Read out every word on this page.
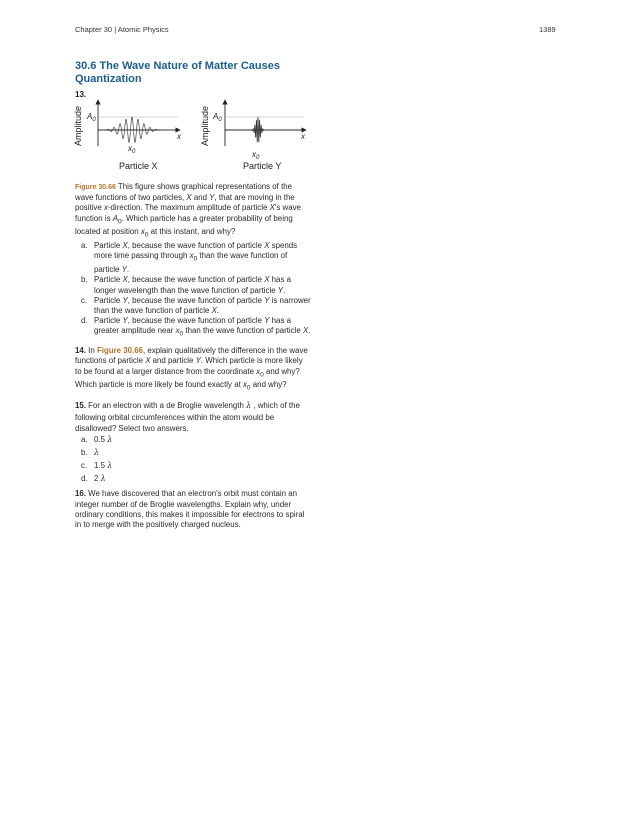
Chapter 30 | Atomic Physics	1389
30.6 The Wave Nature of Matter Causes Quantization
13.
Amplitude $A_0$
x
$x_0$
Particle X
Amplitude $A_0$
x
$x_0$
Particle Y

Figure 30.66 This figure shows graphical representations of the wave functions of two particles, X and Y, that are moving in the positive x-direction. The maximum amplitude of particle X's wave function is $A_0$. Which particle has a greater probability of being located at position $x_0$ at this instant, and why?

a. Particle X, because the wave function of particle X spends more time passing through $x_0$ than the wave function of particle Y.
b. Particle X, because the wave function of particle X has a longer wavelength than the wave function of particle Y.
c. Particle Y, because the wave function of particle Y is narrower than the wave function of particle X.
d. Particle Y, because the wave function of particle Y has a greater amplitude near $x_0$ than the wave function of particle X.

14. In Figure 30.66, explain qualitatively the difference in the wave functions of particle X and particle Y. Which particle is more likely to be found at a larger distance from the coordinate $x_0$ and why? Which particle is more likely be found exactly at $x_0$ and why?

15. For an electron with a de Broglie wavelength λ , which of the following orbital circumferences within the atom would be disallowed? Select two answers.

a. 0.5 λ
b. λ
c. 1.5 λ
d. 2 λ

16. We have discovered that an electron's orbit must contain an integer number of de Broglie wavelengths. Explain why, under ordinary conditions, this makes it impossible for electrons to spiral in to merge with the positively charged nucleus.
